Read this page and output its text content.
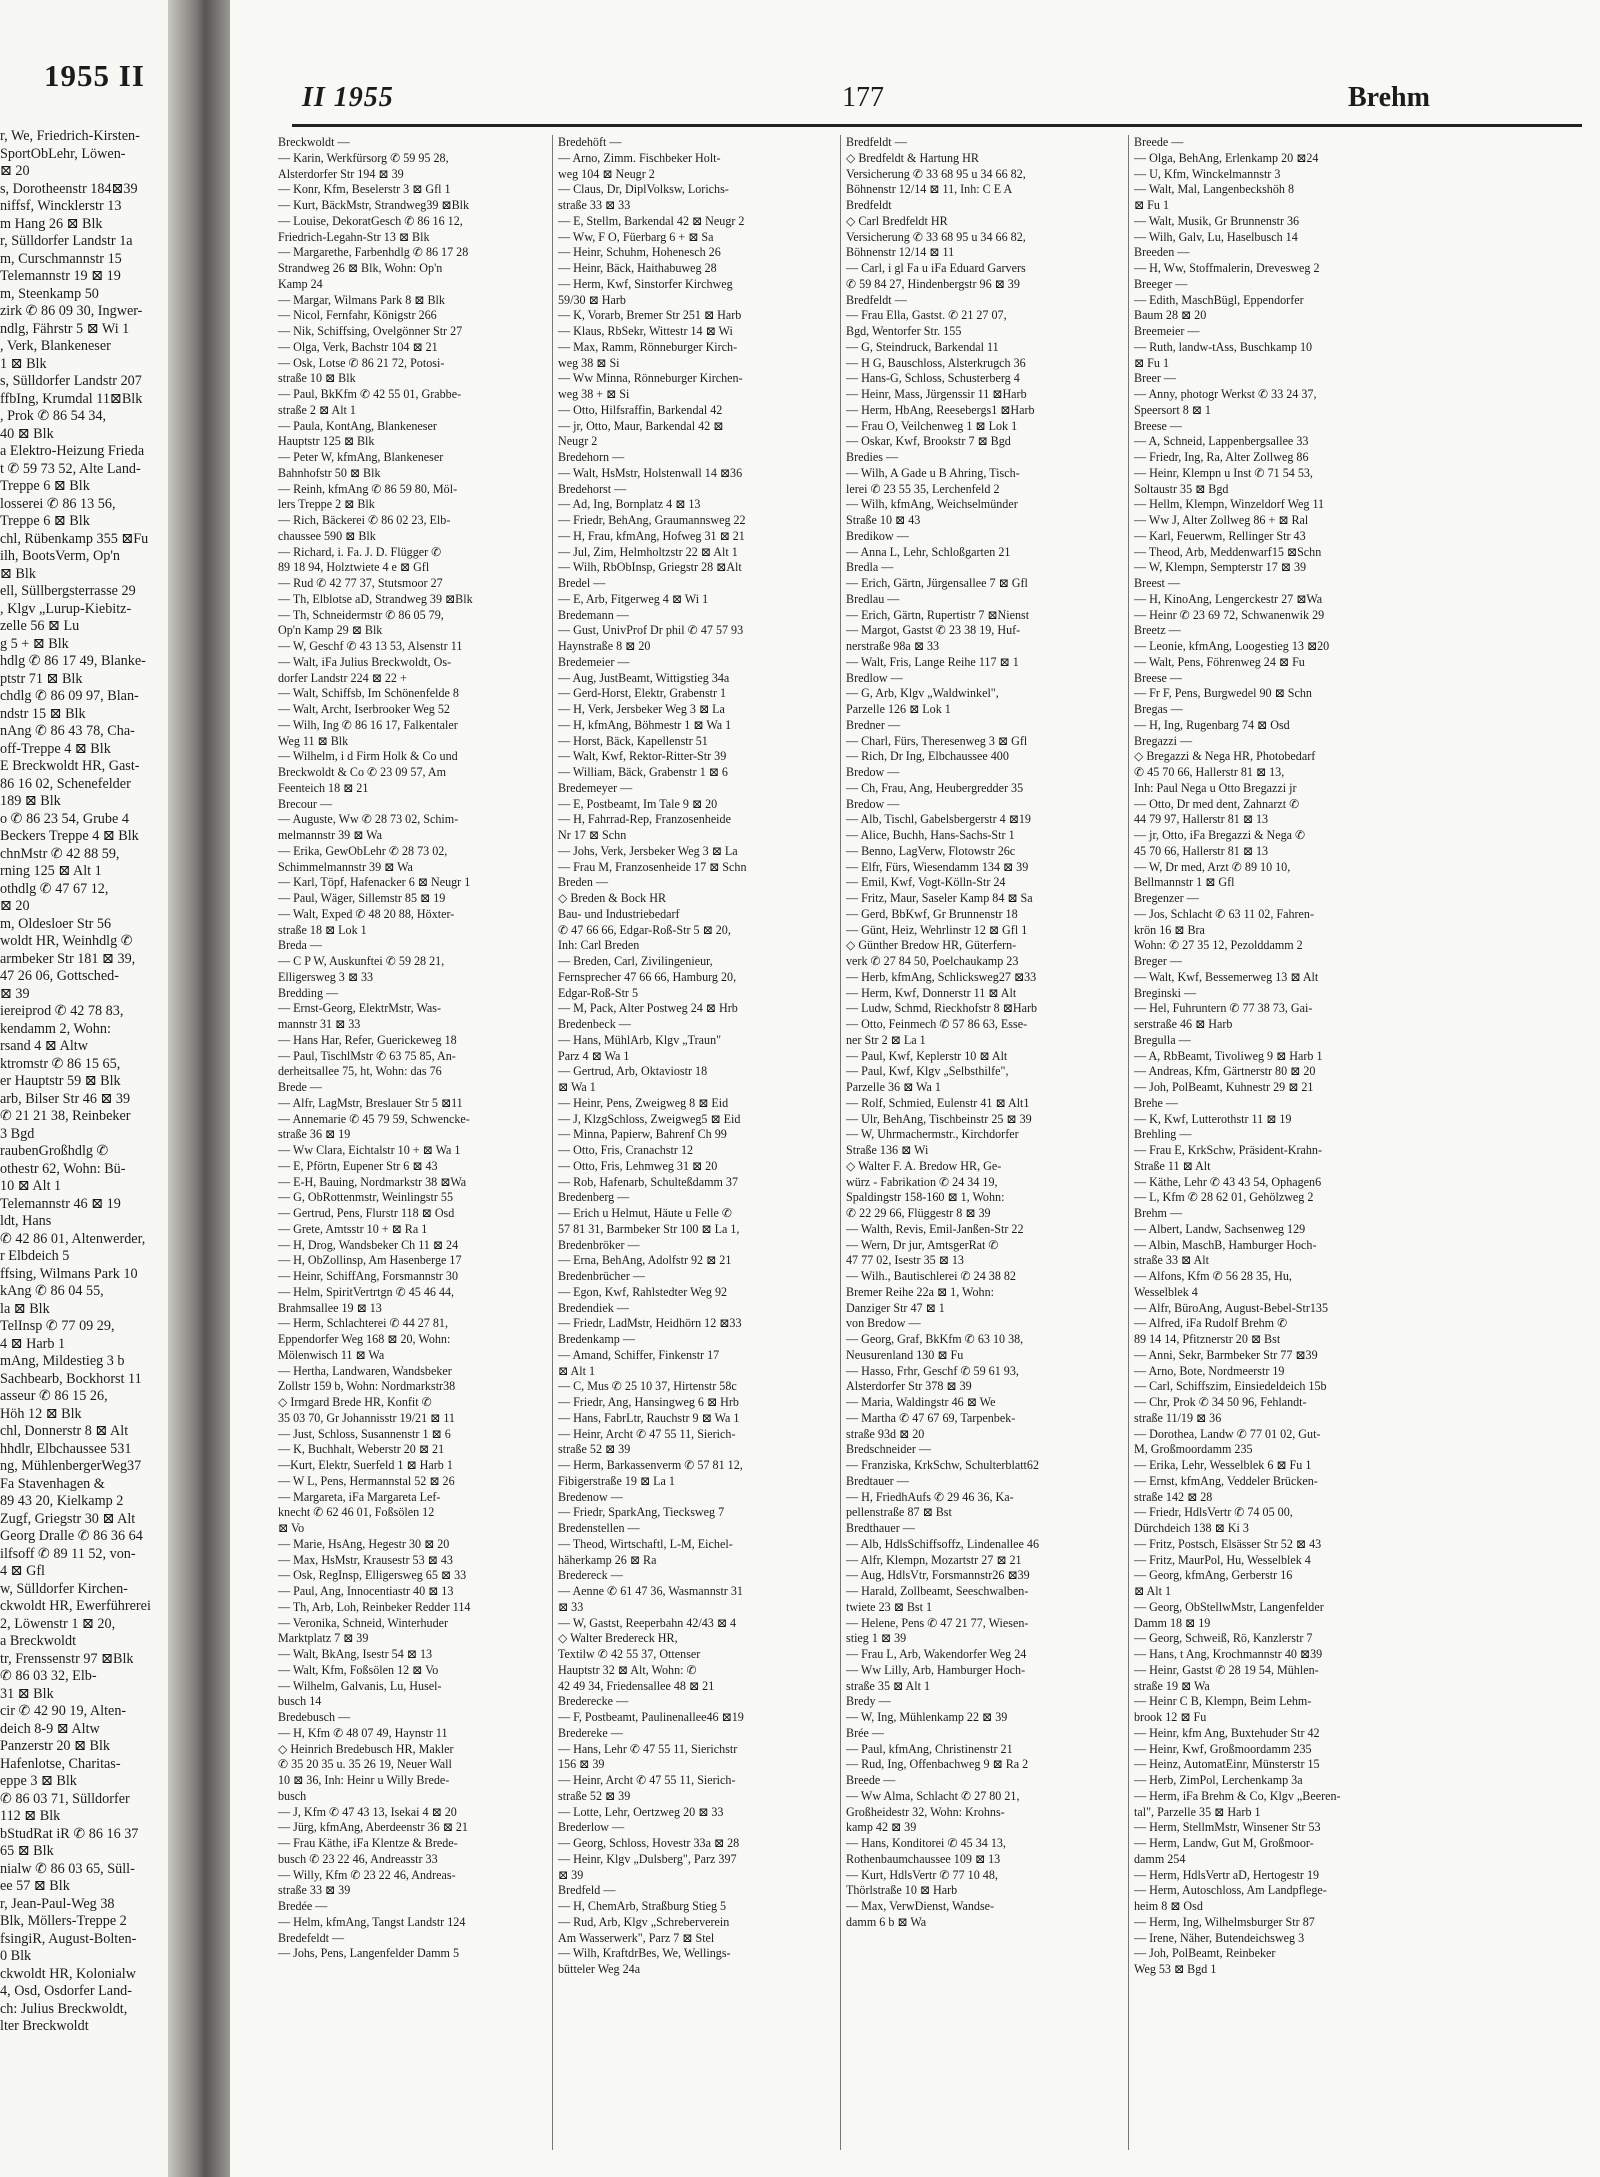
1955 II
r, We, Friedrich-Kirsten-
SportObLehr, Löwen-
⊠ 20
s, Dorotheenstr 184⊠39
niffsf, Wincklerstr 13
m Hang 26 ⊠ Blk
r, Sülldorfer Landstr 1a
m, Curschmannstr 15
Telemannstr 19 ⊠ 19
m, Steenkamp 50
zirk ✆ 86 09 30, Ingwer-
ndlg, Fährstr 5 ⊠ Wi 1
, Verk, Blankeneser
1 ⊠ Blk
s, Sülldorfer Landstr 207
ffbIng, Krumdal 11⊠Blk
, Prok ✆ 86 54 34,
40 ⊠ Blk
a Elektro-Heizung Frieda
t ✆ 59 73 52, Alte Land-
Treppe 6 ⊠ Blk
losserei ✆ 86 13 56,
Treppe 6 ⊠ Blk
chl, Rübenkamp 355 ⊠Fu
ilh, BootsVerm, Op'n
⊠ Blk
ell, Süllbergsterrasse 29
, Klgv „Lurup-Kiebitz-
zelle 56 ⊠ Lu
g 5 + ⊠ Blk
hdlg ✆ 86 17 49, Blanke-
ptstr 71 ⊠ Blk
chdlg ✆ 86 09 97, Blan-
ndstr 15 ⊠ Blk
nAng ✆ 86 43 78, Cha-
off-Treppe 4 ⊠ Blk
E Breckwoldt HR, Gast-
86 16 02, Schenefelder
189 ⊠ Blk
o ✆ 86 23 54, Grube 4
Beckers Treppe 4 ⊠ Blk
chnMstr ✆ 42 88 59,
rning 125 ⊠ Alt 1
othdlg ✆ 47 67 12,
⊠ 20
m, Oldesloer Str 56
woldt HR, Weinhdlg ✆
armbeker Str 181 ⊠ 39,
47 26 06, Gottsched-
⊠ 39
iereiprod ✆ 42 78 83,
kendamm 2, Wohn:
rsand 4 ⊠ Altw
ktromstr ✆ 86 15 65,
er Hauptstr 59 ⊠ Blk
arb, Bilser Str 46 ⊠ 39
✆ 21 21 38, Reinbeker
3 Bgd
raubenGroßhdlg ✆
othestr 62, Wohn: Bü-
10 ⊠ Alt 1
Telemannstr 46 ⊠ 19
ldt, Hans
✆ 42 86 01, Altenwerder,
r Elbdeich 5
ffsing, Wilmans Park 10
kAng ✆ 86 04 55,
la ⊠ Blk
TelInsp ✆ 77 09 29,
4 ⊠ Harb 1
mAng, Mildestieg 3 b
Sachbearb, Bockhorst 11
asseur ✆ 86 15 26,
Höh 12 ⊠ Blk
chl, Donnerstr 8 ⊠ Alt
hhdlr, Elbchaussee 531
ng, MühlenbergerWeg37
Fa Stavenhagen &
89 43 20, Kielkamp 2
Zugf, Griegstr 30 ⊠ Alt
Georg Dralle ✆ 86 36 64
ilfsoff ✆ 89 11 52, von-
4 ⊠ Gfl
w, Sülldorfer Kirchen-
ckwoldt HR, Ewerführerei
2, Löwenstr 1 ⊠ 20,
a Breckwoldt
tr, Frenssenstr 97 ⊠Blk
✆ 86 03 32, Elb-
31 ⊠ Blk
cir ✆ 42 90 19, Alten-
deich 8-9 ⊠ Altw
Panzerstr 20 ⊠ Blk
Hafenlotse, Charitas-
eppe 3 ⊠ Blk
✆ 86 03 71, Sülldorfer
112 ⊠ Blk
bStudRat iR ✆ 86 16 37
65 ⊠ Blk
nialw ✆ 86 03 65, Süll-
ee 57 ⊠ Blk
r, Jean-Paul-Weg 38
Blk, Möllers-Treppe 2
fsingiR, August-Bolten-
0 Blk
ckwoldt HR, Kolonialw
4, Osd, Osdorfer Land-
ch: Julius Breckwoldt,
lter Breckwoldt
II 1955	177	Brehm
Breckwoldt —
— Karin, Werkfürsorg ✆ 59 95 28,
Alsterdorfer Str 194 ⊠ 39
— Konr, Kfm, Beselerstr 3 ⊠ Gfl 1
— Kurt, BäckMstr, Strandweg39 ⊠Blk
— Louise, DekoratGesch ✆ 86 16 12,
Friedrich-Legahn-Str 13 ⊠ Blk
— Margarethe, Farbenhdlg ✆ 86 17 28
Strandweg 26 ⊠ Blk, Wohn: Op'n
Kamp 24
— Margar, Wilmans Park 8 ⊠ Blk
— Nicol, Fernfahr, Königstr 266
— Nik, Schiffsing, Ovelgönner Str 27
— Olga, Verk, Bachstr 104 ⊠ 21
— Osk, Lotse ✆ 86 21 72, Potosi-
straße 10 ⊠ Blk
— Paul, BkKfm ✆ 42 55 01, Grabbe-
straße 2 ⊠ Alt 1
— Paula, KontAng, Blankeneser
Hauptstr 125 ⊠ Blk
— Peter W, kfmAng, Blankeneser
Bahnhofstr 50 ⊠ Blk
— Reinh, kfmAng ✆ 86 59 80, Möl-
lers Treppe 2 ⊠ Blk
— Rich, Bäckerei ✆ 86 02 23, Elb-
chaussee 590 ⊠ Blk
— Richard, i. Fa. J. D. Flügger ✆
89 18 94, Holztwiete 4 e ⊠ Gfl
— Rud ✆ 42 77 37, Stutsmoor 27
— Th, Elblotse aD, Strandweg 39 ⊠Blk
— Th, Schneidermstr ✆ 86 05 79,
Op'n Kamp 29 ⊠ Blk
— W, Geschf ✆ 43 13 53, Alsenstr 11
— Walt, iFa Julius Breckwoldt, Os-
dorfer Landstr 224 ⊠ 22 +
— Walt, Schiffsb, Im Schönenfelde 8
— Walt, Archt, Iserbrooker Weg 52
— Wilh, Ing ✆ 86 16 17, Falkentaler
Weg 11 ⊠ Blk
— Wilhelm, i d Firm Holk & Co und
Breckwoldt & Co ✆ 23 09 57, Am
Feenteich 18 ⊠ 21
Brecour —
— Auguste, Ww ✆ 28 73 02, Schim-
melmannstr 39 ⊠ Wa
— Erika, GewObLehr ✆ 28 73 02,
Schimmelmannstr 39 ⊠ Wa
— Karl, Töpf, Hafenacker 6 ⊠ Neugr 1
— Paul, Wäger, Sillemstr 85 ⊠ 19
— Walt, Exped ✆ 48 20 88, Höxter-
straße 18 ⊠ Lok 1
Breda —
— C P W, Auskunftei ✆ 59 28 21,
Elligersweg 3 ⊠ 33
Bredding —
— Ernst-Georg, ElektrMstr, Was-
mannstr 31 ⊠ 33
— Hans Har, Refer, Guerickeweg 18
— Paul, TischlMstr ✆ 63 75 85, An-
derheitsallee 75, ht, Wohn: das 76
Brede —
— Alfr, LagMstr, Breslauer Str 5 ⊠11
— Annemarie ✆ 45 79 59, Schwencke-
straße 36 ⊠ 19
— Ww Clara, Eichtalstr 10 + ⊠ Wa 1
— E, Pförtn, Eupener Str 6 ⊠ 43
— E-H, Bauing, Nordmarkstr 38 ⊠Wa
— G, ObRottenmstr, Weinlingstr 55
— Gertrud, Pens, Flurstr 118 ⊠ Osd
— Grete, Amtsstr 10 + ⊠ Ra 1
— H, Drog, Wandsbeker Ch 11 ⊠ 24
— H, ObZollinsp, Am Hasenberge 17
— Heinr, SchiffAng, Forsmannstr 30
— Helm, SpiritVertrtgn ✆ 45 46 44,
Brahmsallee 19 ⊠ 13
— Herm, Schlachterei ✆ 44 27 81,
Eppendorfer Weg 168 ⊠ 20, Wohn:
Mölenwisch 11 ⊠ Wa
— Hertha, Landwaren, Wandsbeker
Zollstr 159 b, Wohn: Nordmarkstr38
◇ Irmgard Brede HR, Konfit ✆
35 03 70, Gr Johannisstr 19/21 ⊠ 11
— Just, Schloss, Susannenstr 1 ⊠ 6
— K, Buchhalt, Weberstr 20 ⊠ 21
—Kurt, Elektr, Suerfeld 1 ⊠ Harb 1
— W L, Pens, Hermannstal 52 ⊠ 26
— Margareta, iFa Margareta Lef-
knecht ✆ 62 46 01, Foßsölen 12
⊠ Vo
— Marie, HsAng, Hegestr 30 ⊠ 20
— Max, HsMstr, Krausestr 53 ⊠ 43
— Osk, RegInsp, Elligersweg 65 ⊠ 33
— Paul, Ang, Innocentiastr 40 ⊠ 13
— Th, Arb, Loh, Reinbeker Redder 114
— Veronika, Schneid, Winterhuder
Marktplatz 7 ⊠ 39
— Walt, BkAng, Isestr 54 ⊠ 13
— Walt, Kfm, Foßsölen 12 ⊠ Vo
— Wilhelm, Galvanis, Lu, Husel-
busch 14
Bredebusch —
— H, Kfm ✆ 48 07 49, Haynstr 11
◇ Heinrich Bredebusch HR, Makler
✆ 35 20 35 u. 35 26 19, Neuer Wall
10 ⊠ 36, Inh: Heinr u Willy Brede-
busch
— J, Kfm ✆ 47 43 13, Isekai 4 ⊠ 20
— Jürg, kfmAng, Aberdeenstr 36 ⊠ 21
— Frau Käthe, iFa Klentze & Brede-
busch ✆ 23 22 46, Andreasstr 33
— Willy, Kfm ✆ 23 22 46, Andreas-
straße 33 ⊠ 39
Bredée —
— Helm, kfmAng, Tangst Landstr 124
Bredefeldt —
— Johs, Pens, Langenfelder Damm 5
Bredehöft —
— Arno, Zimm. Fischbeker Holt-
weg 104 ⊠ Neugr 2
— Claus, Dr, DiplVolksw, Lorichs-
straße 33 ⊠ 33
— E, Stellm, Barkendal 42 ⊠ Neugr 2
— Ww, F O, Füerbarg 6 + ⊠ Sa
— Heinr, Schuhm, Hohenesch 26
— Heinr, Bäck, Haithabuweg 28
— Herm, Kwf, Sinstorfer Kirchweg
59/30 ⊠ Harb
— K, Vorarb, Bremer Str 251 ⊠ Harb
— Klaus, RbSekr, Wittestr 14 ⊠ Wi
— Max, Ramm, Rönneburger Kirch-
weg 38 ⊠ Si
— Ww Minna, Rönneburger Kirchen-
weg 38 + ⊠ Si
— Otto, Hilfsraffin, Barkendal 42
— jr, Otto, Maur, Barkendal 42 ⊠
Neugr 2
Bredehorn —
— Walt, HsMstr, Holstenwall 14 ⊠36
Bredehorst —
— Ad, Ing, Bornplatz 4 ⊠ 13
— Friedr, BehAng, Graumannsweg 22
— H, Frau, kfmAng, Hofweg 31 ⊠ 21
— Jul, Zim, Helmholtzstr 22 ⊠ Alt 1
— Wilh, RbObInsp, Griegstr 28 ⊠Alt
Bredel —
— E, Arb, Fitgerweg 4 ⊠ Wi 1
Bredemann —
— Gust, UnivProf Dr phil ✆ 47 57 93
Haynstraße 8 ⊠ 20
Bredemeier —
— Aug, JustBeamt, Wittigstieg 34a
— Gerd-Horst, Elektr, Grabenstr 1
— H, Verk, Jersbeker Weg 3 ⊠ La
— H, kfmAng, Böhmestr 1 ⊠ Wa 1
— Horst, Bäck, Kapellenstr 51
— Walt, Kwf, Rektor-Ritter-Str 39
— William, Bäck, Grabenstr 1 ⊠ 6
Bredemeyer —
— E, Postbeamt, Im Tale 9 ⊠ 20
— H, Fahrrad-Rep, Franzosenheide
Nr 17 ⊠ Schn
— Johs, Verk, Jersbeker Weg 3 ⊠ La
— Frau M, Franzosenheide 17 ⊠ Schn
Breden —
◇ Breden & Bock HR
Bau- und Industriebedarf
✆ 47 66 66, Edgar-Roß-Str 5 ⊠ 20,
Inh: Carl Breden
— Breden, Carl, Zivilingenieur,
Fernsprecher 47 66 66, Hamburg 20,
Edgar-Roß-Str 5
— M, Pack, Alter Postweg 24 ⊠ Hrb
Bredenbeck —
— Hans, MühlArb, Klgv „Traun"
Parz 4 ⊠ Wa 1
— Gertrud, Arb, Oktaviostr 18
⊠ Wa 1
— Heinr, Pens, Zweigweg 8 ⊠ Eid
— J, KlzgSchloss, Zweigweg5 ⊠ Eid
— Minna, Papierw, Bahrenf Ch 99
— Otto, Fris, Cranachstr 12
— Otto, Fris, Lehmweg 31 ⊠ 20
— Rob, Hafenarb, Schulteßdamm 37
Bredenberg —
— Erich u Helmut, Häute u Felle ✆
57 81 31, Barmbeker Str 100 ⊠ La 1,
Bredenbröker —
— Erna, BehAng, Adolfstr 92 ⊠ 21
Bredenbrücher —
— Egon, Kwf, Rahlstedter Weg 92
Bredendiek —
— Friedr, LadMstr, Heidhörn 12 ⊠33
Bredenkamp —
— Amand, Schiffer, Finkenstr 17
⊠ Alt 1
— C, Mus ✆ 25 10 37, Hirtenstr 58c
— Friedr, Ang, Hansingweg 6 ⊠ Hrb
— Hans, FabrLtr, Rauchstr 9 ⊠ Wa 1
— Heinr, Archt ✆ 47 55 11, Sierich-
straße 52 ⊠ 39
— Herm, Barkassenverm ✆ 57 81 12,
Fibigerstraße 19 ⊠ La 1
Bredenow —
— Friedr, SparkAng, Tiecksweg 7
Bredenstellen —
— Theod, Wirtschaftl, L-M, Eichel-
häherkamp 26 ⊠ Ra
Bredereck —
— Aenne ✆ 61 47 36, Wasmannstr 31
⊠ 33
— W, Gastst, Reeperbahn 42/43 ⊠ 4
◇ Walter Bredereck HR,
Textilw ✆ 42 55 37, Ottenser
Hauptstr 32 ⊠ Alt, Wohn: ✆
42 49 34, Friedensallee 48 ⊠ 21
Brederecke —
— F, Postbeamt, Paulinenallee46 ⊠19
Bredereke —
— Hans, Lehr ✆ 47 55 11, Sierichstr
156 ⊠ 39
— Heinr, Archt ✆ 47 55 11, Sierich-
straße 52 ⊠ 39
— Lotte, Lehr, Oertzweg 20 ⊠ 33
Brederlow —
— Georg, Schloss, Hovestr 33a ⊠ 28
— Heinr, Klgv „Dulsberg", Parz 397
⊠ 39
Bredfeld —
— H, ChemArb, Straßburg Stieg 5
— Rud, Arb, Klgv „Schreberverein
Am Wasserwerk", Parz 7 ⊠ Stel
— Wilh, KraftdrBes, We, Wellings-
bütteler Weg 24a
Bredfeldt —
◇ Bredfeldt & Hartung HR
Versicherung ✆ 33 68 95 u 34 66 82,
Böhnenstr 12/14 ⊠ 11, Inh: C E A
Bredfeldt
◇ Carl Bredfeldt HR
Versicherung ✆ 33 68 95 u 34 66 82,
Böhnenstr 12/14 ⊠ 11
— Carl, i gl Fa u iFa Eduard Garvers
✆ 59 84 27, Hindenbergstr 96 ⊠ 39
Bredfeldt —
— Frau Ella, Gastst. ✆ 21 27 07,
Bgd, Wentorfer Str. 155
— G, Steindruck, Barkendal 11
— H G, Bauschloss, Alsterkrugch 36
— Hans-G, Schloss, Schusterberg 4
— Heinr, Mass, Jürgenssir 11 ⊠Harb
— Herm, HbAng, Reesebergs1 ⊠Harb
— Frau O, Veilchenweg 1 ⊠ Lok 1
— Oskar, Kwf, Brookstr 7 ⊠ Bgd
Bredies —
— Wilh, A Gade u B Ahring, Tisch-
lerei ✆ 23 55 35, Lerchenfeld 2
— Wilh, kfmAng, Weichselmünder
Straße 10 ⊠ 43
Bredikow —
— Anna L, Lehr, Schloßgarten 21
Bredla —
— Erich, Gärtn, Jürgensallee 7 ⊠ Gfl
Bredlau —
— Erich, Gärtn, Rupertistr 7 ⊠Nienst
— Margot, Gastst ✆ 23 38 19, Huf-
nerstraße 98a ⊠ 33
— Walt, Fris, Lange Reihe 117 ⊠ 1
Bredlow —
— G, Arb, Klgv „Waldwinkel",
Parzelle 126 ⊠ Lok 1
Bredner —
— Charl, Fürs, Theresenweg 3 ⊠ Gfl
— Rich, Dr Ing, Elbchaussee 400
Bredow —
— Ch, Frau, Ang, Heubergredder 35
Bredow —
— Alb, Tischl, Gabelsbergerstr 4 ⊠19
— Alice, Buchh, Hans-Sachs-Str 1
— Benno, LagVerw, Flotowstr 26c
— Elfr, Fürs, Wiesendamm 134 ⊠ 39
— Emil, Kwf, Vogt-Kölln-Str 24
— Fritz, Maur, Saseler Kamp 84 ⊠ Sa
— Gerd, BbKwf, Gr Brunnenstr 18
— Günt, Heiz, Wehrlinstr 12 ⊠ Gfl 1
◇ Günther Bredow HR, Güterfern-
verk ✆ 27 84 50, Poelchaukamp 23
— Herb, kfmAng, Schlicksweg27 ⊠33
— Herm, Kwf, Donnerstr 11 ⊠ Alt
— Ludw, Schmd, Rieckhofstr 8 ⊠Harb
— Otto, Feinmech ✆ 57 86 63, Esse-
ner Str 2 ⊠ La 1
— Paul, Kwf, Keplerstr 10 ⊠ Alt
— Paul, Kwf, Klgv „Selbsthilfe",
Parzelle 36 ⊠ Wa 1
— Rolf, Schmied, Eulenstr 41 ⊠ Alt1
— Ulr, BehAng, Tischbeinstr 25 ⊠ 39
— W, Uhrmachermstr., Kirchdorfer
Straße 136 ⊠ Wi
◇ Walter F. A. Bredow HR, Ge-
würz - Fabrikation ✆ 24 34 19,
Spaldingstr 158-160 ⊠ 1, Wohn:
✆ 22 29 66, Flüggestr 8 ⊠ 39
— Walth, Revis, Emil-Janßen-Str 22
— Wern, Dr jur, AmtsgerRat ✆
47 77 02, Isestr 35 ⊠ 13
— Wilh., Bautischlerei ✆ 24 38 82
Bremer Reihe 22a ⊠ 1, Wohn:
Danziger Str 47 ⊠ 1
von Bredow —
— Georg, Graf, BkKfm ✆ 63 10 38,
Neusurenland 130 ⊠ Fu
— Hasso, Frhr, Geschf ✆ 59 61 93,
Alsterdorfer Str 378 ⊠ 39
— Maria, Waldingstr 46 ⊠ We
— Martha ✆ 47 67 69, Tarpenbek-
straße 93d ⊠ 20
Bredschneider —
— Franziska, KrkSchw, Schulterblatt62
Bredtauer —
— H, FriedhAufs ✆ 29 46 36, Ka-
pellenstraße 87 ⊠ Bst
Bredthauer —
— Alb, HdlsSchiffsoffz, Lindenallee 46
— Alfr, Klempn, Mozartstr 27 ⊠ 21
— Aug, HdlsVtr, Forsmannstr26 ⊠39
— Harald, Zollbeamt, Seeschwalben-
twiete 23 ⊠ Bst 1
— Helene, Pens ✆ 47 21 77, Wiesen-
stieg 1 ⊠ 39
— Frau L, Arb, Wakendorfer Weg 24
— Ww Lilly, Arb, Hamburger Hoch-
straße 35 ⊠ Alt 1
Bredy —
— W, Ing, Mühlenkamp 22 ⊠ 39
Brée —
— Paul, kfmAng, Christinenstr 21
— Rud, Ing, Offenbachweg 9 ⊠ Ra 2
Breede —
— Ww Alma, Schlacht ✆ 27 80 21,
Großheidestr 32, Wohn: Krohns-
kamp 42 ⊠ 39
— Hans, Konditorei ✆ 45 34 13,
Rothenbaumchaussee 109 ⊠ 13
— Kurt, HdlsVertr ✆ 77 10 48,
Thörlstraße 10 ⊠ Harb
— Max, VerwDienst, Wandse-
damm 6 b ⊠ Wa
Breede —
— Olga, BehAng, Erlenkamp 20 ⊠24
— U, Kfm, Winckelmannstr 3
— Walt, Mal, Langenbeckshöh 8
⊠ Fu 1
— Walt, Musik, Gr Brunnenstr 36
— Wilh, Galv, Lu, Haselbusch 14
Breeden —
— H, Ww, Stoffmalerin, Drevesweg 2
Breeger —
— Edith, MaschBügl, Eppendorfer
Baum 28 ⊠ 20
Breemeier —
— Ruth, landw-tAss, Buschkamp 10
⊠ Fu 1
Breer —
— Anny, photogr Werkst ✆ 33 24 37,
Speersort 8 ⊠ 1
Breese —
— A, Schneid, Lappenbergsallee 33
— Friedr, Ing, Ra, Alter Zollweg 86
— Heinr, Klempn u Inst ✆ 71 54 53,
Soltaustr 35 ⊠ Bgd
— Hellm, Klempn, Winzeldorf Weg 11
— Ww J, Alter Zollweg 86 + ⊠ Ral
— Karl, Feuerwm, Rellinger Str 43
— Theod, Arb, Meddenwarf15 ⊠Schn
— W, Klempn, Sempterstr 17 ⊠ 39
Breest —
— H, KinoAng, Lengerckestr 27 ⊠Wa
— Heinr ✆ 23 69 72, Schwanenwik 29
Breetz —
— Leonie, kfmAng, Loogestieg 13 ⊠20
— Walt, Pens, Föhrenweg 24 ⊠ Fu
Breese —
— Fr F, Pens, Burgwedel 90 ⊠ Schn
Bregas —
— H, Ing, Rugenbarg 74 ⊠ Osd
Bregazzi —
◇ Bregazzi & Nega HR, Photobedarf
✆ 45 70 66, Hallerstr 81 ⊠ 13,
Inh: Paul Nega u Otto Bregazzi jr
— Otto, Dr med dent, Zahnarzt ✆
44 79 97, Hallerstr 81 ⊠ 13
— jr, Otto, iFa Bregazzi & Nega ✆
45 70 66, Hallerstr 81 ⊠ 13
— W, Dr med, Arzt ✆ 89 10 10,
Bellmannstr 1 ⊠ Gfl
Bregenzer —
— Jos, Schlacht ✆ 63 11 02, Fahren-
krön 16 ⊠ Bra
Wohn: ✆ 27 35 12, Pezolddamm 2
Breger —
— Walt, Kwf, Bessemerweg 13 ⊠ Alt
Breginski —
— Hel, Fuhruntern ✆ 77 38 73, Gai-
serstraße 46 ⊠ Harb
Bregulla —
— A, RbBeamt, Tivoliweg 9 ⊠ Harb 1
— Andreas, Kfm, Gärtnerstr 80 ⊠ 20
— Joh, PolBeamt, Kuhnestr 29 ⊠ 21
Brehe —
— K, Kwf, Lutterothstr 11 ⊠ 19
Brehling —
— Frau E, KrkSchw, Präsident-Krahn-
Straße 11 ⊠ Alt
— Käthe, Lehr ✆ 43 43 54, Ophagen6
— L, Kfm ✆ 28 62 01, Gehölzweg 2
Brehm —
— Albert, Landw, Sachsenweg 129
— Albin, MaschB, Hamburger Hoch-
straße 33 ⊠ Alt
— Alfons, Kfm ✆ 56 28 35, Hu,
Wesselblek 4
— Alfr, BüroAng, August-Bebel-Str135
— Alfred, iFa Rudolf Brehm ✆
89 14 14, Pfitznerstr 20 ⊠ Bst
— Anni, Sekr, Barmbeker Str 77 ⊠39
— Arno, Bote, Nordmeerstr 19
— Carl, Schiffszim, Einsiedeldeich 15b
— Chr, Prok ✆ 34 50 96, Fehlandt-
straße 11/19 ⊠ 36
— Dorothea, Landw ✆ 77 01 02, Gut-
M, Großmoordamm 235
— Erika, Lehr, Wesselblek 6 ⊠ Fu 1
— Ernst, kfmAng, Veddeler Brücken-
straße 142 ⊠ 28
— Friedr, HdlsVertr ✆ 74 05 00,
Dürchdeich 138 ⊠ Ki 3
— Fritz, Postsch, Elsässer Str 52 ⊠ 43
— Fritz, MaurPol, Hu, Wesselblek 4
— Georg, kfmAng, Gerberstr 16
⊠ Alt 1
— Georg, ObStellwMstr, Langenfelder
Damm 18 ⊠ 19
— Georg, Schweiß, Rö, Kanzlerstr 7
— Hans, t Ang, Krochmannstr 40 ⊠39
— Heinr, Gastst ✆ 28 19 54, Mühlen-
straße 19 ⊠ Wa
— Heinr C B, Klempn, Beim Lehm-
brook 12 ⊠ Fu
— Heinr, kfm Ang, Buxtehuder Str 42
— Heinr, Kwf, Großmoordamm 235
— Heinz, AutomatEinr, Münsterstr 15
— Herb, ZimPol, Lerchenkamp 3a
— Herm, iFa Brehm & Co, Klgv „Beeren-
tal", Parzelle 35 ⊠ Harb 1
— Herm, StellmMstr, Winsener Str 53
— Herm, Landw, Gut M, Großmoor-
damm 254
— Herm, HdlsVertr aD, Hertogestr 19
— Herm, Autoschloss, Am Landpflege-
heim 8 ⊠ Osd
— Herm, Ing, Wilhelmsburger Str 87
— Irene, Näher, Butendeichsweg 3
— Joh, PolBeamt, Reinbeker
Weg 53 ⊠ Bgd 1
